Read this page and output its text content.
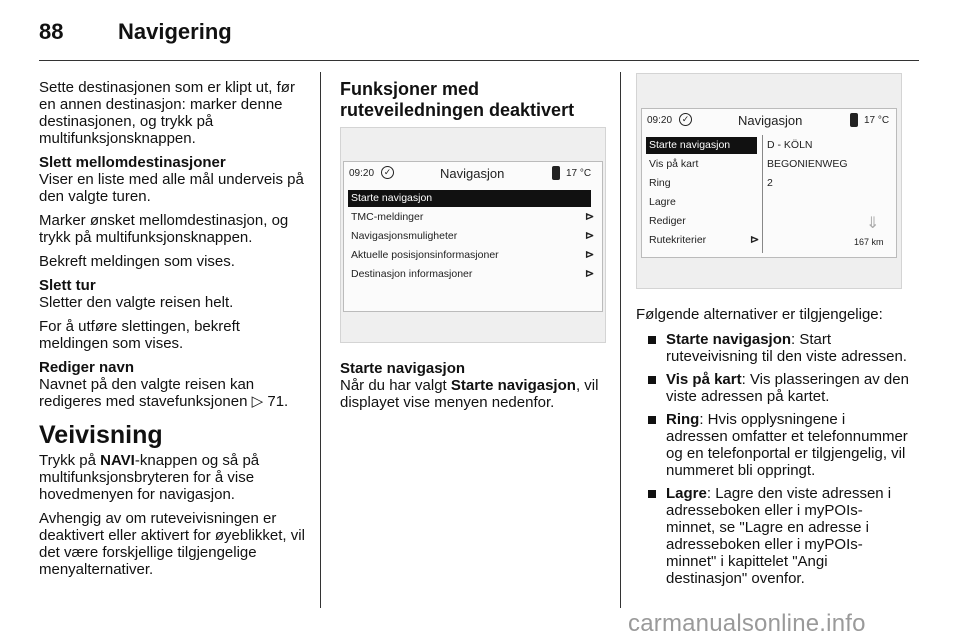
88 Navigering

Sette destinasjonen som er klipt ut, før en annen destinasjon: marker denne destinasjonen, og trykk på multifunksjonsknappen.

Slett mellomdestinasjoner

Viser en liste med alle mål underveis på den valgte turen.

Marker ønsket mellomdestinasjon, og trykk på multifunksjonsknappen.

Bekreft meldingen som vises.

Slett tur

Sletter den valgte reisen helt.

For å utføre slettingen, bekreft meldingen som vises.

Rediger navn

Navnet på den valgte reisen kan redigeres med stavefunksjonen ▷ 71.

Veivisning

Trykk på NAVI-knappen og så på multifunksjonsbryteren for å vise hovedmenyen for navigasjon.

Avhengig av om ruteveivisningen er deaktivert eller aktivert for øyeblikket, vil det være forskjellige tilgjengelige menyalternativer.

Funksjoner med ruteveiledningen deaktivert

09:20	✓	Navigasjon	17 °C
Starte navigasjon
TMC-meldinger	⊳
Navigasjonsmuligheter	⊳
Aktuelle posisjonsinformasjoner	⊳
Destinasjon informasjoner	⊳

Starte navigasjon

Når du har valgt Starte navigasjon, vil displayet vise menyen nedenfor.

09:20	✓	Navigasjon	17 °C
Starte navigasjon
Vis på kart
Ring
Lagre
Rediger
Rutekriterier	⊳
D - KÖLN
BEGONIENWEG
2
⇓
167 km

Følgende alternativer er tilgjengelige:

Starte navigasjon: Start ruteveivisning til den viste adressen.
Vis på kart: Vis plasseringen av den viste adressen på kartet.
Ring: Hvis opplysningene i adressen omfatter et telefonnummer og en telefonportal er tilgjengelig, vil nummeret bli oppringt.
Lagre: Lagre den viste adressen i adresseboken eller i myPOIs-minnet, se "Lagre en adresse i adresseboken eller i myPOIs-minnet" i kapittelet "Angi destinasjon" ovenfor.
carmanualsonline.info
